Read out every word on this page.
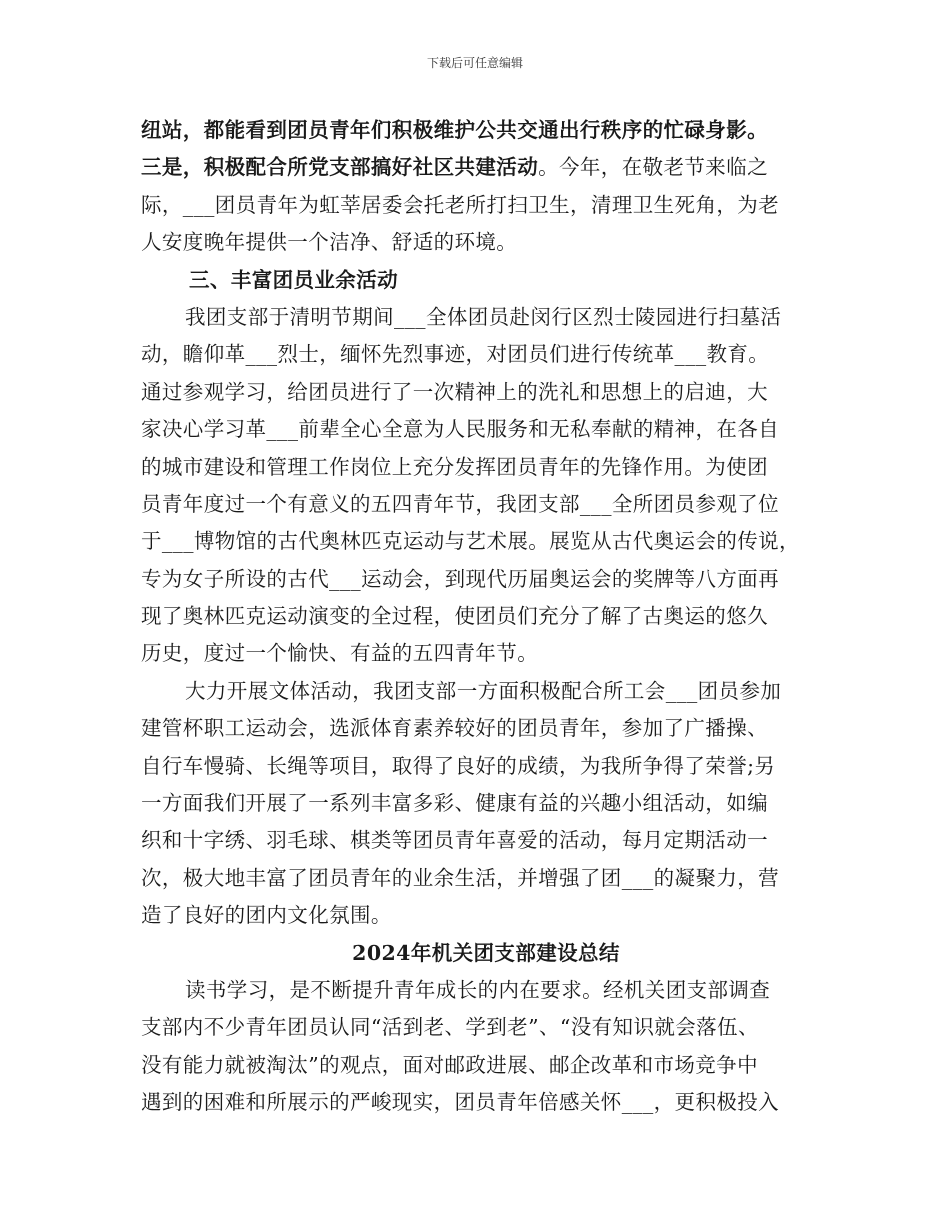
下载后可任意编辑
纽站，都能看到团员青年们积极维护公共交通出行秩序的忙碌身影。
三是，积极配合所党支部搞好社区共建活动。今年，在敬老节来临之
际，___团员青年为虹莘居委会托老所打扫卫生，清理卫生死角，为老
人安度晚年提供一个洁净、舒适的环境。
三、丰富团员业余活动
我团支部于清明节期间___全体团员赴闵行区烈士陵园进行扫墓活
动，瞻仰革___烈士，缅怀先烈事迹，对团员们进行传统革___教育。
通过参观学习，给团员进行了一次精神上的洗礼和思想上的启迪，大
家决心学习革___前辈全心全意为人民服务和无私奉献的精神，在各自
的城市建设和管理工作岗位上充分发挥团员青年的先锋作用。为使团
员青年度过一个有意义的五四青年节，我团支部___全所团员参观了位
于___博物馆的古代奥林匹克运动与艺术展。展览从古代奥运会的传说，
专为女子所设的古代___运动会，到现代历届奥运会的奖牌等八方面再
现了奥林匹克运动演变的全过程，使团员们充分了解了古奥运的悠久
历史，度过一个愉快、有益的五四青年节。
大力开展文体活动，我团支部一方面积极配合所工会___团员参加
建管杯职工运动会，选派体育素养较好的团员青年，参加了广播操、
自行车慢骑、长绳等项目，取得了良好的成绩，为我所争得了荣誉;另
一方面我们开展了一系列丰富多彩、健康有益的兴趣小组活动，如编
织和十字绣、羽毛球、棋类等团员青年喜爱的活动，每月定期活动一
次，极大地丰富了团员青年的业余生活，并增强了团___的凝聚力，营
造了良好的团内文化氛围。
2024年机关团支部建设总结
读书学习，是不断提升青年成长的内在要求。经机关团支部调查
支部内不少青年团员认同“活到老、学到老”、“没有知识就会落伍、
没有能力就被淘汰”的观点，面对邮政进展、邮企改革和市场竞争中
遇到的困难和所展示的严峻现实，团员青年倍感关怀___，更积极投入
